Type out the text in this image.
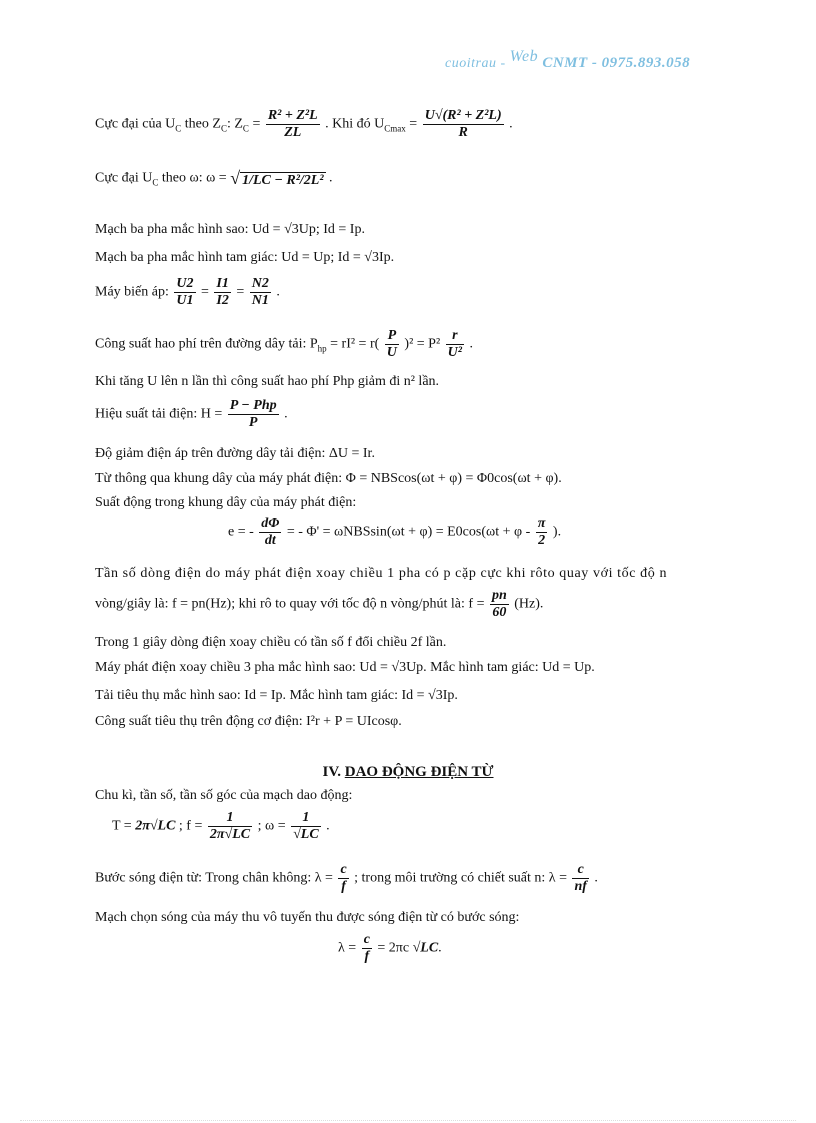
cuoitrau - Web CNMT - 0975.893.058
Cực đại của $U_C$ theo $Z_C$: $Z_C = \frac{\text{R² + Z²L}}{ZL}$ . Khi đó $U_{Cmax} = \frac{\text{U√(R² + Z²L)}}{R}$ .
Cực đại $U_C$ theo ω: ω = √ 1/LC − R²/2L² .
Mạch ba pha mắc hình sao: Ud = √3Up; Id = Ip.
Mạch ba pha mắc hình tam giác: Ud = Up; Id = √3Ip.
Máy biến áp: $\frac{U2}{U1} = \frac{I1}{I2} = \frac{N2}{N1}$ .
Công suất hao phí trên đường dây tải: $P_{hp} = rI^2 = r( \frac{P}{U} )^2 = P^2 \frac{r}{\text{U²}}$ .
Khi tăng U lên n lần thì công suất hao phí Php giảm đi n² lần.
Hiệu suất tải điện: $H = \frac{\text{P − Php}}{P}$ .
Độ giảm điện áp trên đường dây tải điện: ΔU = Ir.
Từ thông qua khung dây của máy phát điện: Φ = NBScos(ωt + φ) = Φ0cos(ωt + φ).
Suất động trong khung dây của máy phát điện:
e = - $\frac{d\Phi}{dt}$ = - $\Phi' = \omega NBSsin(\omega t + \varphi) = E0\cos(\omega t + \varphi - \frac{\pi}{2}$ ).
Tần số dòng điện do máy phát điện xoay chiều 1 pha có p cặp cực khi rôto quay với tốc độ n
vòng/giây là: f = pn(Hz); khi rô to quay với tốc độ n vòng/phút là: $f = \frac{pn}{60} (Hz)$.
Trong 1 giây dòng điện xoay chiều có tần số f đổi chiều 2f lần.
Máy phát điện xoay chiều 3 pha mắc hình sao: Ud = √3Up. Mắc hình tam giác: Ud = Up.
Tải tiêu thụ mắc hình sao: Id = Ip. Mắc hình tam giác: Id = √3Ip.
Công suất tiêu thụ trên động cơ điện: I²r + P = UIcosφ.
IV. DAO ĐỘNG ĐIỆN TỪ
Chu kì, tần số, tần số góc của mạch dao động:
T = 2π√LC ; $f = \frac{1}{2\pi√LC}$ ; $\omega = \frac{1}{√LC}$ .
Bước sóng điện từ: Trong chân không: $\lambda = \frac{c}{f}$ ; trong môi trường có chiết suất n: $\lambda = \frac{c}{nf}$ .
Mạch chọn sóng của máy thu vô tuyến thu được sóng điện từ có bước sóng:
$\lambda = \frac{c}{f} = 2\pi c$ √LC.
